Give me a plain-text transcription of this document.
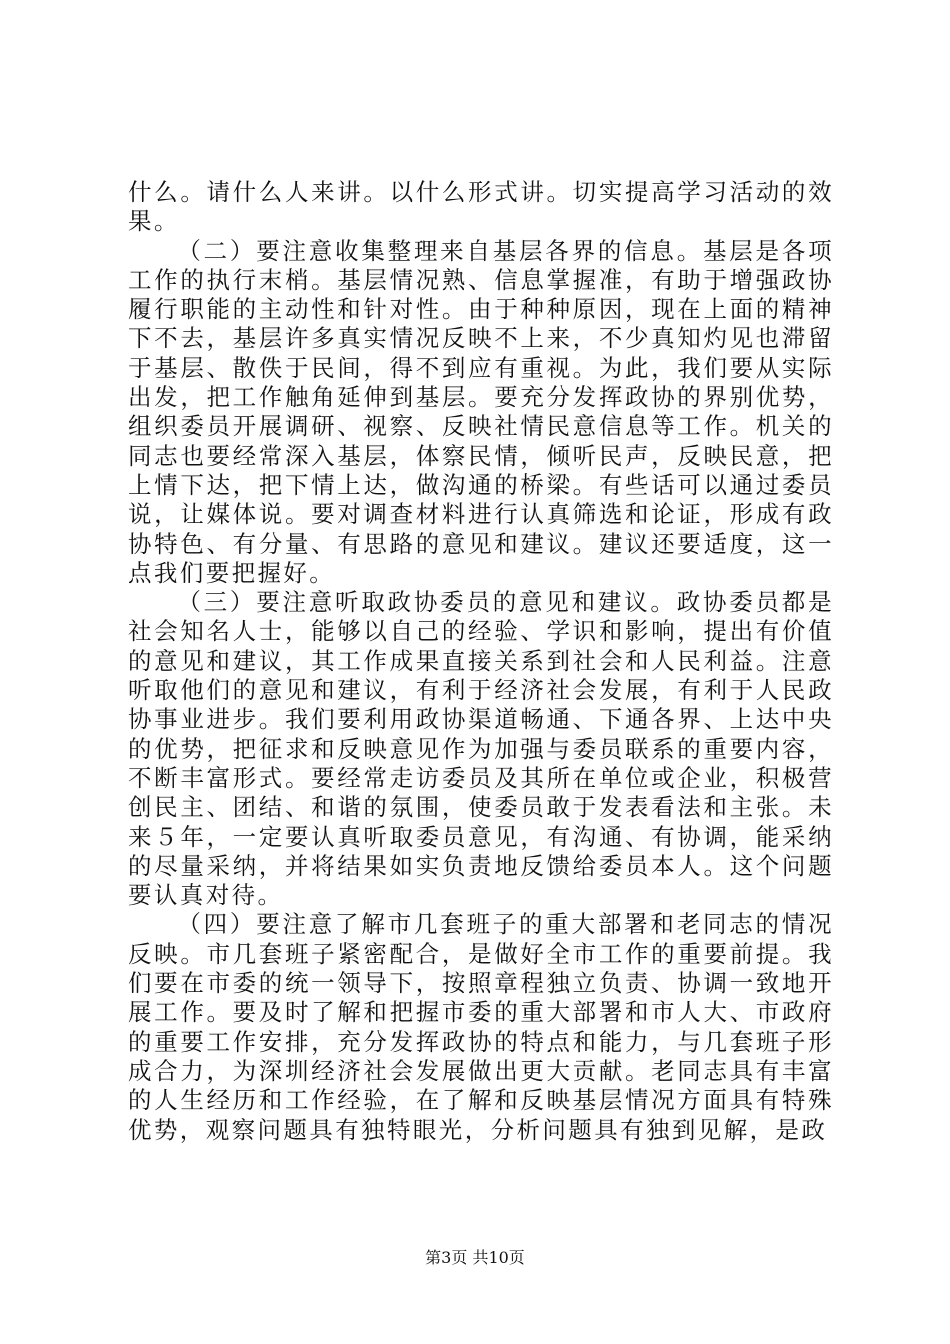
什么。请什么人来讲。以什么形式讲。切实提高学习活动的效果。

（二）要注意收集整理来自基层各界的信息。基层是各项工作的执行末梢。基层情况熟、信息掌握准，有助于增强政协履行职能的主动性和针对性。由于种种原因，现在上面的精神下不去，基层许多真实情况反映不上来，不少真知灼见也滞留于基层、散佚于民间，得不到应有重视。为此，我们要从实际出发，把工作触角延伸到基层。要充分发挥政协的界别优势，组织委员开展调研、视察、反映社情民意信息等工作。机关的同志也要经常深入基层，体察民情，倾听民声，反映民意，把上情下达，把下情上达，做沟通的桥梁。有些话可以通过委员说，让媒体说。要对调查材料进行认真筛选和论证，形成有政协特色、有分量、有思路的意见和建议。建议还要适度，这一点我们要把握好。

（三）要注意听取政协委员的意见和建议。政协委员都是社会知名人士，能够以自己的经验、学识和影响，提出有价值的意见和建议，其工作成果直接关系到社会和人民利益。注意听取他们的意见和建议，有利于经济社会发展，有利于人民政协事业进步。我们要利用政协渠道畅通、下通各界、上达中央的优势，把征求和反映意见作为加强与委员联系的重要内容，不断丰富形式。要经常走访委员及其所在单位或企业，积极营创民主、团结、和谐的氛围，使委员敢于发表看法和主张。未来５年，一定要认真听取委员意见，有沟通、有协调，能采纳的尽量采纳，并将结果如实负责地反馈给委员本人。这个问题要认真对待。

（四）要注意了解市几套班子的重大部署和老同志的情况反映。市几套班子紧密配合，是做好全市工作的重要前提。我们要在市委的统一领导下，按照章程独立负责、协调一致地开展工作。要及时了解和把握市委的重大部署和市人大、市政府的重要工作安排，充分发挥政协的特点和能力，与几套班子形成合力，为深圳经济社会发展做出更大贡献。老同志具有丰富的人生经历和工作经验，在了解和反映基层情况方面具有特殊优势，观察问题具有独特眼光，分析问题具有独到见解，是政

第3页 共10页
